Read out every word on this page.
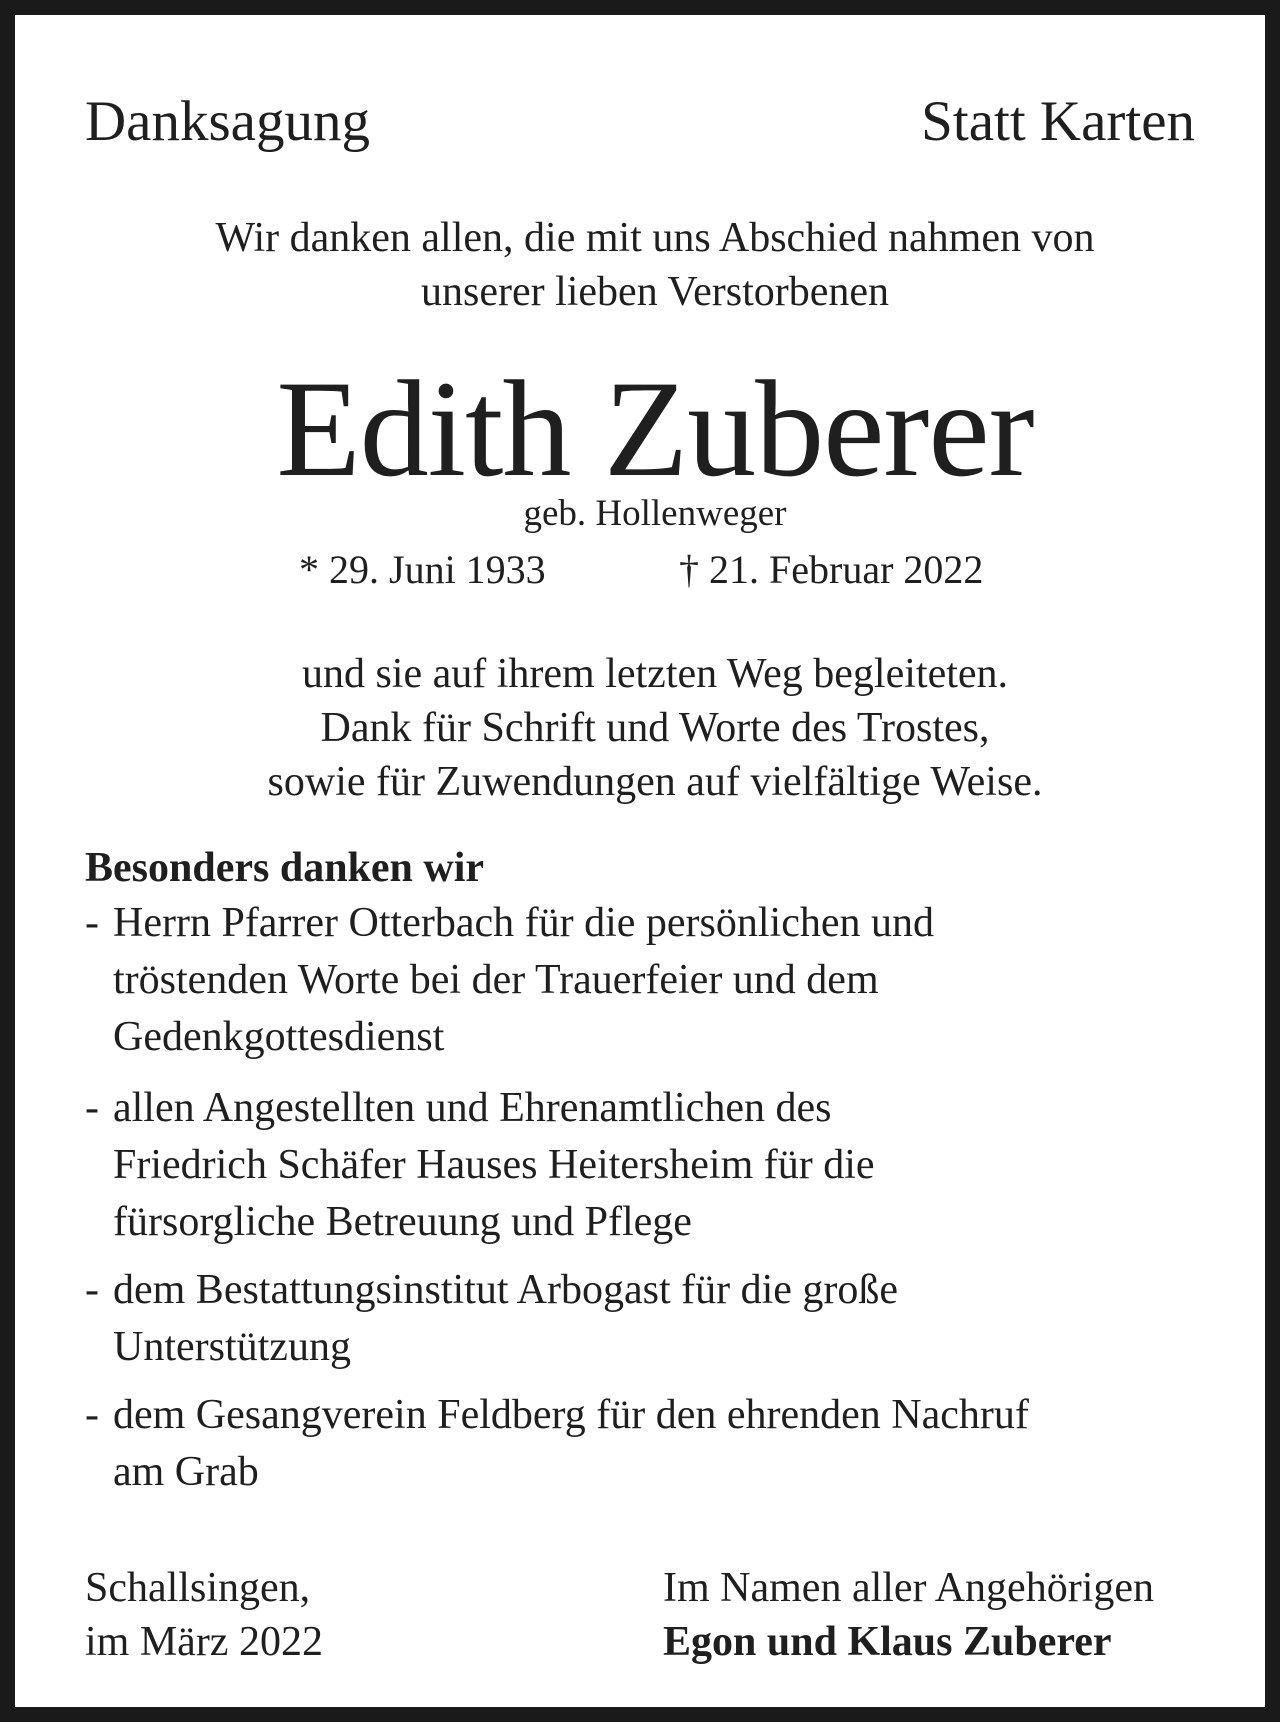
Danksagung	Statt Karten
Wir danken allen, die mit uns Abschied nahmen von
unserer lieben Verstorbenen
Edith Zuberer
geb. Hollenweger
* 29. Juni 1933	† 21. Februar 2022
und sie auf ihrem letzten Weg begleiteten.
Dank für Schrift und Worte des Trostes,
sowie für Zuwendungen auf vielfältige Weise.
Besonders danken wir
- Herrn Pfarrer Otterbach für die persönlichen und
tröstenden Worte bei der Trauerfeier und dem
Gedenkgottesdienst
- allen Angestellten und Ehrenamtlichen des
Friedrich Schäfer Hauses Heitersheim für die
fürsorgliche Betreuung und Pflege
- dem Bestattungsinstitut Arbogast für die große
Unterstützung
- dem Gesangverein Feldberg für den ehrenden Nachruf
am Grab
Schallsingen,
im März 2022
Im Namen aller Angehörigen
Egon und Klaus Zuberer
